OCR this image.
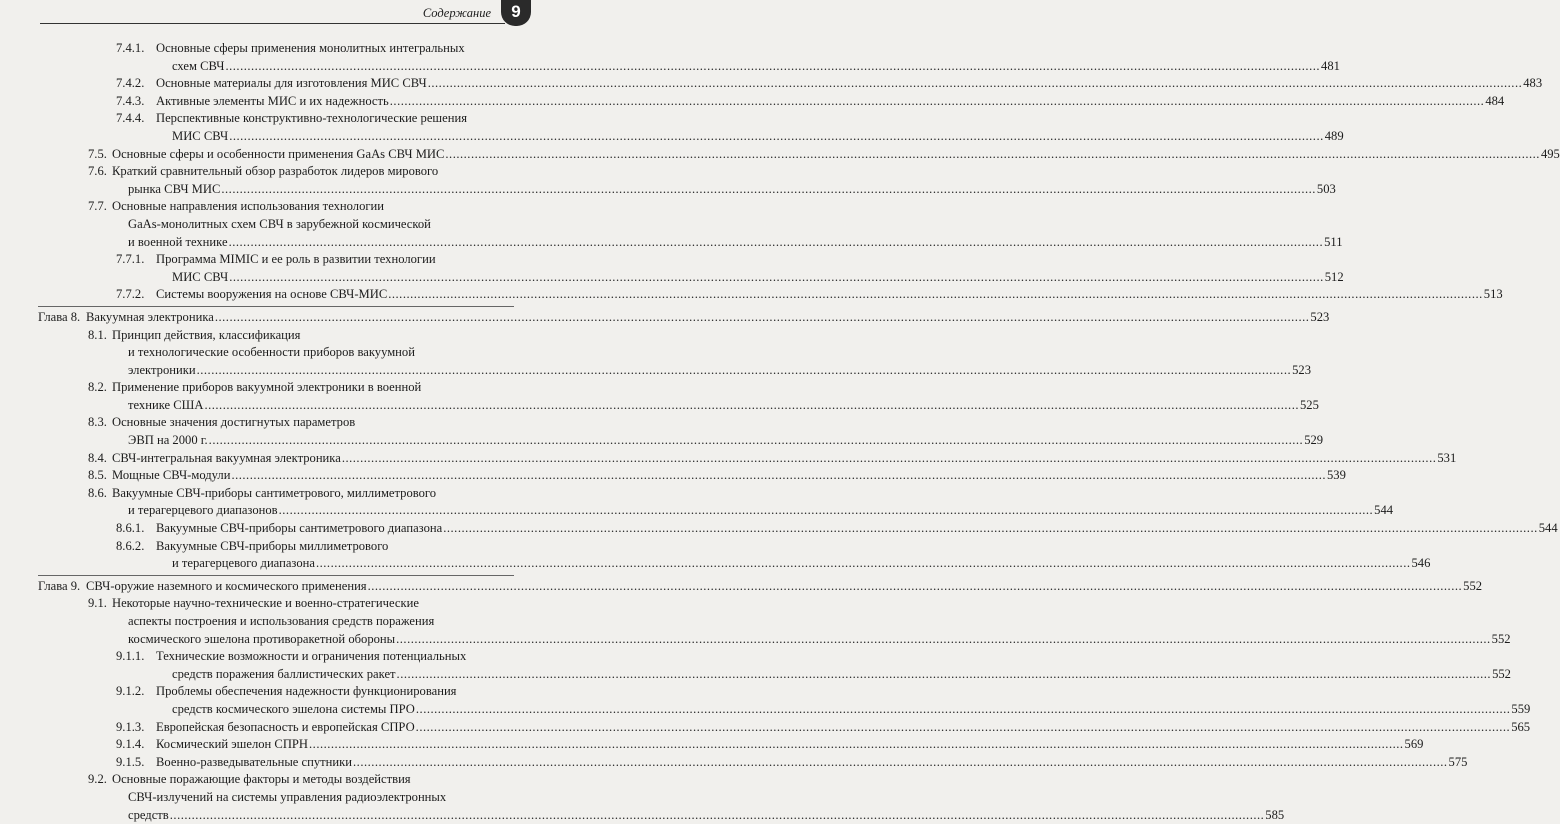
Содержание	9
7.4.1. Основные сферы применения монолитных интегральных
схем СВЧ ............................................................................................................................................................................................................................................................................................................ 481
7.4.2. Основные материалы для изготовления МИС СВЧ ............................................................................................................................................................................................................................................................................................................ 483
7.4.3. Активные элементы МИС и их надежность ............................................................................................................................................................................................................................................................................................................ 484
7.4.4. Перспективные конструктивно-технологические решения
МИС СВЧ ............................................................................................................................................................................................................................................................................................................ 489
7.5. Основные сферы и особенности применения GaAs СВЧ МИС ............................................................................................................................................................................................................................................................................................................ 495
7.6. Краткий сравнительный обзор разработок лидеров мирового
рынка СВЧ МИС ............................................................................................................................................................................................................................................................................................................ 503
7.7. Основные направления использования технологии
GaAs-монолитных схем СВЧ в зарубежной космической
и военной технике ............................................................................................................................................................................................................................................................................................................ 511
7.7.1. Программа MIMIC и ее роль в развитии технологии
МИС СВЧ ............................................................................................................................................................................................................................................................................................................ 512
7.7.2. Системы вооружения на основе СВЧ-МИС ............................................................................................................................................................................................................................................................................................................ 513
Глава 8. Вакуумная электроника ............................................................................................................................................................................................................................................................................................................ 523
8.1. Принцип действия, классификация
и технологические особенности приборов вакуумной
электроники ............................................................................................................................................................................................................................................................................................................ 523
8.2. Применение приборов вакуумной электроники в военной
технике США ............................................................................................................................................................................................................................................................................................................ 525
8.3. Основные значения достигнутых параметров
ЭВП на 2000 г. ............................................................................................................................................................................................................................................................................................................ 529
8.4. СВЧ-интегральная вакуумная электроника ............................................................................................................................................................................................................................................................................................................ 531
8.5. Мощные СВЧ-модули ............................................................................................................................................................................................................................................................................................................ 539
8.6. Вакуумные СВЧ-приборы сантиметрового, миллиметрового
и терагерцевого диапазонов ............................................................................................................................................................................................................................................................................................................ 544
8.6.1. Вакуумные СВЧ-приборы сантиметрового диапазона ............................................................................................................................................................................................................................................................................................................ 544
8.6.2. Вакуумные СВЧ-приборы миллиметрового
и терагерцевого диапазона ............................................................................................................................................................................................................................................................................................................ 546
Глава 9. СВЧ-оружие наземного и космического применения ............................................................................................................................................................................................................................................................................................................ 552
9.1. Некоторые научно-технические и военно-стратегические
аспекты построения и использования средств поражения
космического эшелона противоракетной обороны ............................................................................................................................................................................................................................................................................................................ 552
9.1.1. Технические возможности и ограничения потенциальных
средств поражения баллистических ракет ............................................................................................................................................................................................................................................................................................................ 552
9.1.2. Проблемы обеспечения надежности функционирования
средств космического эшелона системы ПРО ............................................................................................................................................................................................................................................................................................................ 559
9.1.3. Европейская безопасность и европейская СПРО ............................................................................................................................................................................................................................................................................................................ 565
9.1.4. Космический эшелон СПРН ............................................................................................................................................................................................................................................................................................................ 569
9.1.5. Военно-разведывательные спутники ............................................................................................................................................................................................................................................................................................................ 575
9.2. Основные поражающие факторы и методы воздействия
СВЧ-излучений на системы управления радиоэлектронных
средств ............................................................................................................................................................................................................................................................................................................ 585
